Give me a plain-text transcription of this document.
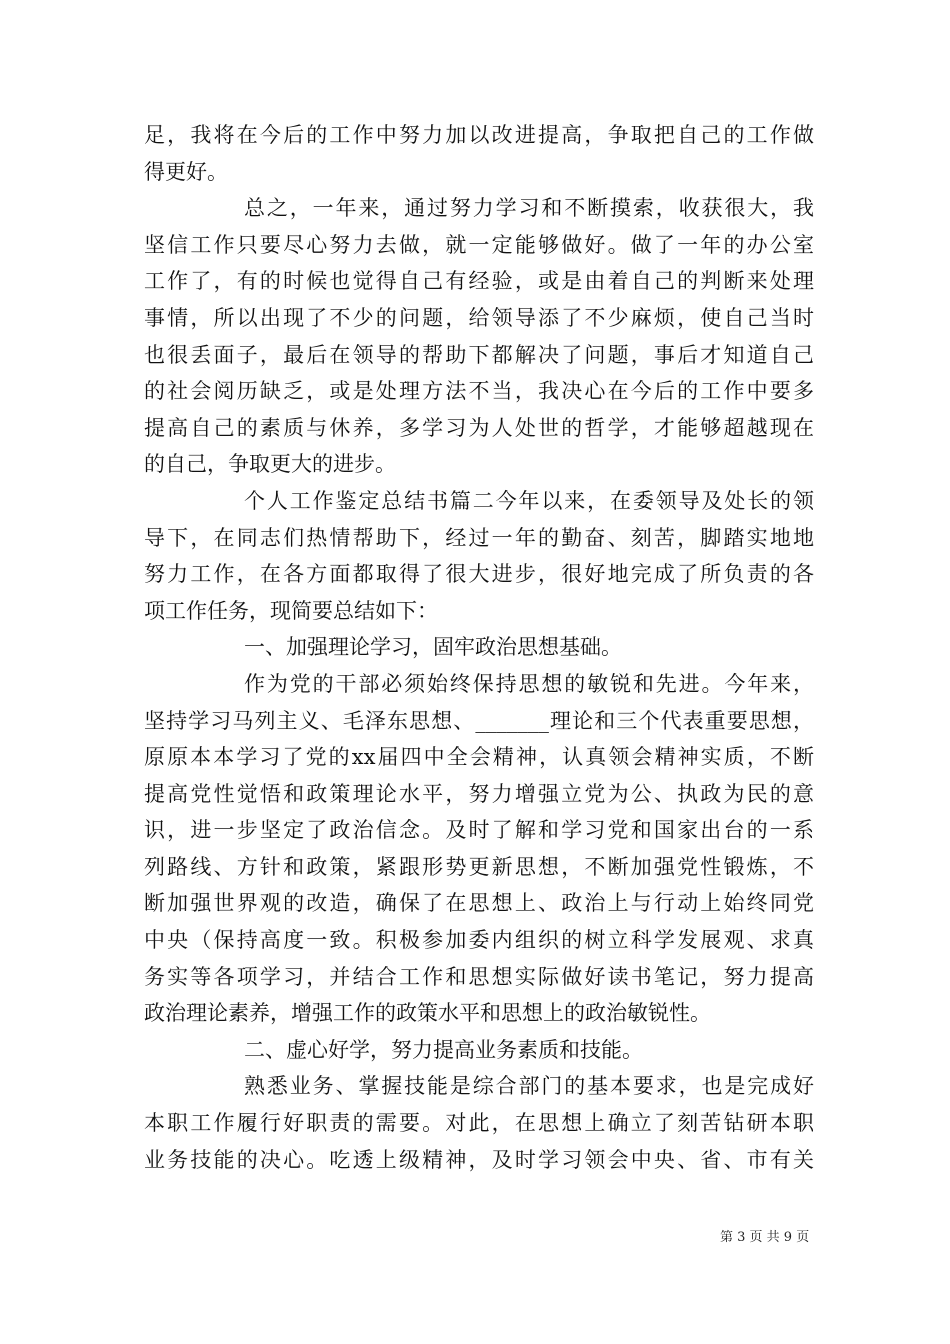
足，我将在今后的工作中努力加以改进提高，争取把自己的工作做
得更好。
总之，一年来，通过努力学习和不断摸索，收获很大，我
坚信工作只要尽心努力去做，就一定能够做好。做了一年的办公室
工作了，有的时候也觉得自己有经验，或是由着自己的判断来处理
事情，所以出现了不少的问题，给领导添了不少麻烦，使自己当时
也很丢面子，最后在领导的帮助下都解决了问题，事后才知道自己
的社会阅历缺乏，或是处理方法不当，我决心在今后的工作中要多
提高自己的素质与休养，多学习为人处世的哲学，才能够超越现在
的自己，争取更大的进步。
个人工作鉴定总结书篇二今年以来，在委领导及处长的领
导下，在同志们热情帮助下，经过一年的勤奋、刻苦，脚踏实地地
努力工作，在各方面都取得了很大进步，很好地完成了所负责的各
项工作任务，现简要总结如下：
一、加强理论学习，固牢政治思想基础。
作为党的干部必须始终保持思想的敏锐和先进。今年来，
坚持学习马列主义、毛泽东思想、_______理论和三个代表重要思想，
原原本本学习了党的xx届四中全会精神，认真领会精神实质，不断
提高党性觉悟和政策理论水平，努力增强立党为公、执政为民的意
识，进一步坚定了政治信念。及时了解和学习党和国家出台的一系
列路线、方针和政策，紧跟形势更新思想，不断加强党性锻炼，不
断加强世界观的改造，确保了在思想上、政治上与行动上始终同党
中央（保持高度一致。积极参加委内组织的树立科学发展观、求真
务实等各项学习，并结合工作和思想实际做好读书笔记，努力提高
政治理论素养，增强工作的政策水平和思想上的政治敏锐性。
二、虚心好学，努力提高业务素质和技能。
熟悉业务、掌握技能是综合部门的基本要求，也是完成好
本职工作履行好职责的需要。对此，在思想上确立了刻苦钻研本职
业务技能的决心。吃透上级精神，及时学习领会中央、省、市有关
第 3 页 共 9 页
